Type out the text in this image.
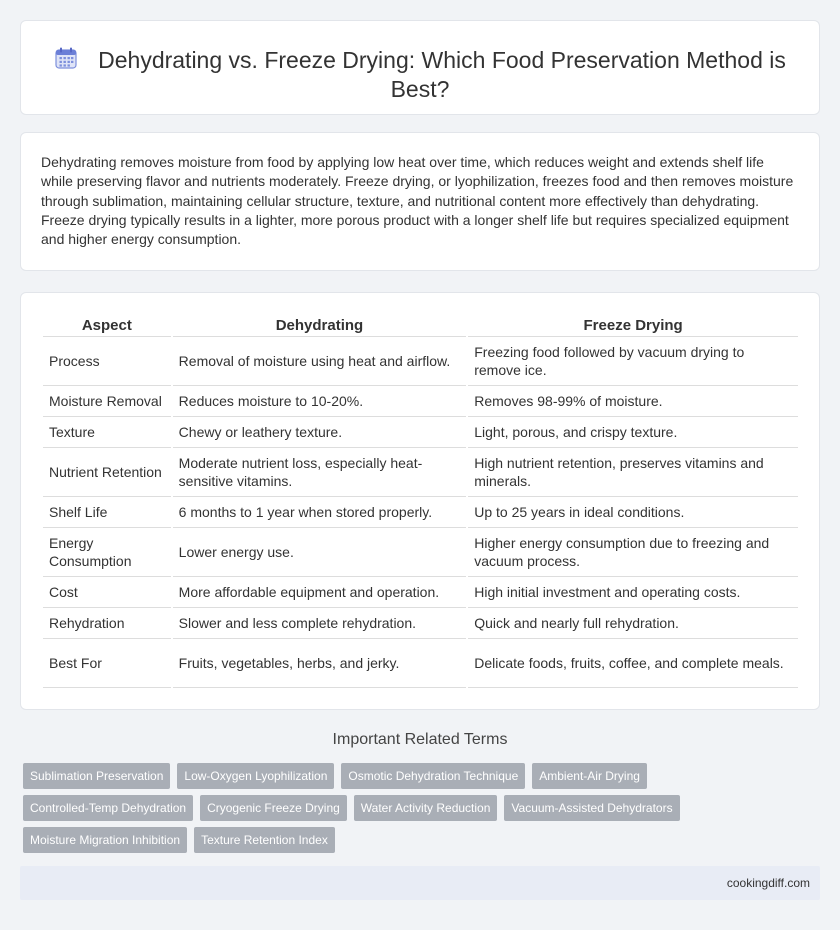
Dehydrating vs. Freeze Drying: Which Food Preservation Method is Best?

Dehydrating removes moisture from food by applying low heat over time, which reduces weight and extends shelf life while preserving flavor and nutrients moderately. Freeze drying, or lyophilization, freezes food and then removes moisture through sublimation, maintaining cellular structure, texture, and nutritional content more effectively than dehydrating. Freeze drying typically results in a lighter, more porous product with a longer shelf life but requires specialized equipment and higher energy consumption.

Aspect	Dehydrating	Freeze Drying
Process	Removal of moisture using heat and airflow.	Freezing food followed by vacuum drying to remove ice.
Moisture Removal	Reduces moisture to 10-20%.	Removes 98-99% of moisture.
Texture	Chewy or leathery texture.	Light, porous, and crispy texture.
Nutrient Retention	Moderate nutrient loss, especially heat-sensitive vitamins.	High nutrient retention, preserves vitamins and minerals.
Shelf Life	6 months to 1 year when stored properly.	Up to 25 years in ideal conditions.
Energy Consumption	Lower energy use.	Higher energy consumption due to freezing and vacuum process.
Cost	More affordable equipment and operation.	High initial investment and operating costs.
Rehydration	Slower and less complete rehydration.	Quick and nearly full rehydration.
Best For	Fruits, vegetables, herbs, and jerky.	Delicate foods, fruits, coffee, and complete meals.
Important Related Terms
Sublimation Preservation	Low-Oxygen Lyophilization	Osmotic Dehydration Technique	Ambient-Air Drying
Controlled-Temp Dehydration	Cryogenic Freeze Drying	Water Activity Reduction	Vacuum-Assisted Dehydrators
Moisture Migration Inhibition	Texture Retention Index
cookingdiff.com
